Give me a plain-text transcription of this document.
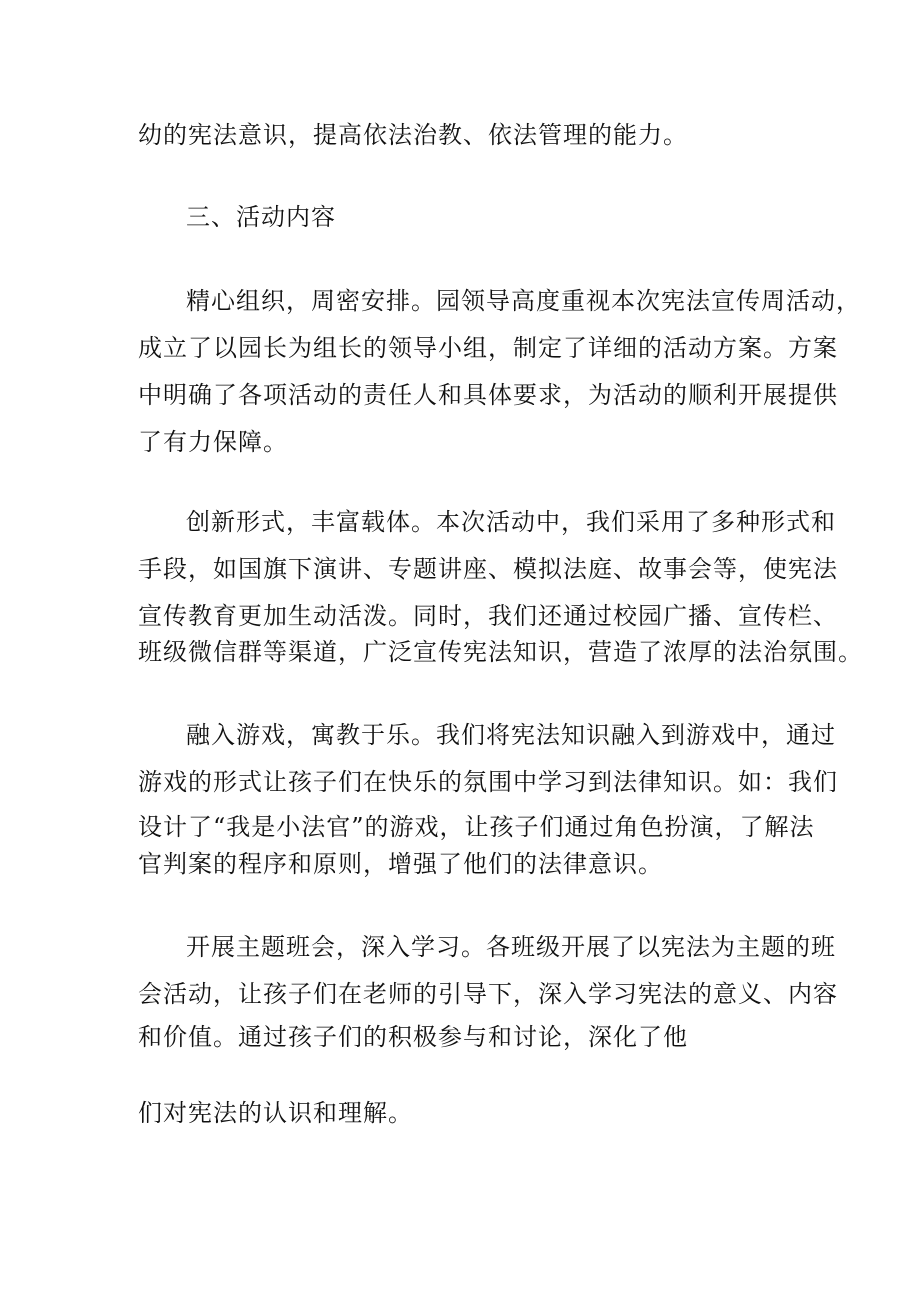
幼的宪法意识，提高依法治教、依法管理的能力。
三、活动内容
精心组织，周密安排。园领导高度重视本次宪法宣传周活动，
成立了以园长为组长的领导小组，制定了详细的活动方案。方案
中明确了各项活动的责任人和具体要求，为活动的顺利开展提供
了有力保障。
创新形式，丰富载体。本次活动中，我们采用了多种形式和
手段，如国旗下演讲、专题讲座、模拟法庭、故事会等，使宪法
宣传教育更加生动活泼。同时，我们还通过校园广播、宣传栏、
班级微信群等渠道，广泛宣传宪法知识，营造了浓厚的法治氛围。
融入游戏，寓教于乐。我们将宪法知识融入到游戏中，通过
游戏的形式让孩子们在快乐的氛围中学习到法律知识。如：我们
设计了“我是小法官”的游戏，让孩子们通过角色扮演，了解法
官判案的程序和原则，增强了他们的法律意识。
开展主题班会，深入学习。各班级开展了以宪法为主题的班
会活动，让孩子们在老师的引导下，深入学习宪法的意义、内容
和价值。通过孩子们的积极参与和讨论，深化了他
们对宪法的认识和理解。
